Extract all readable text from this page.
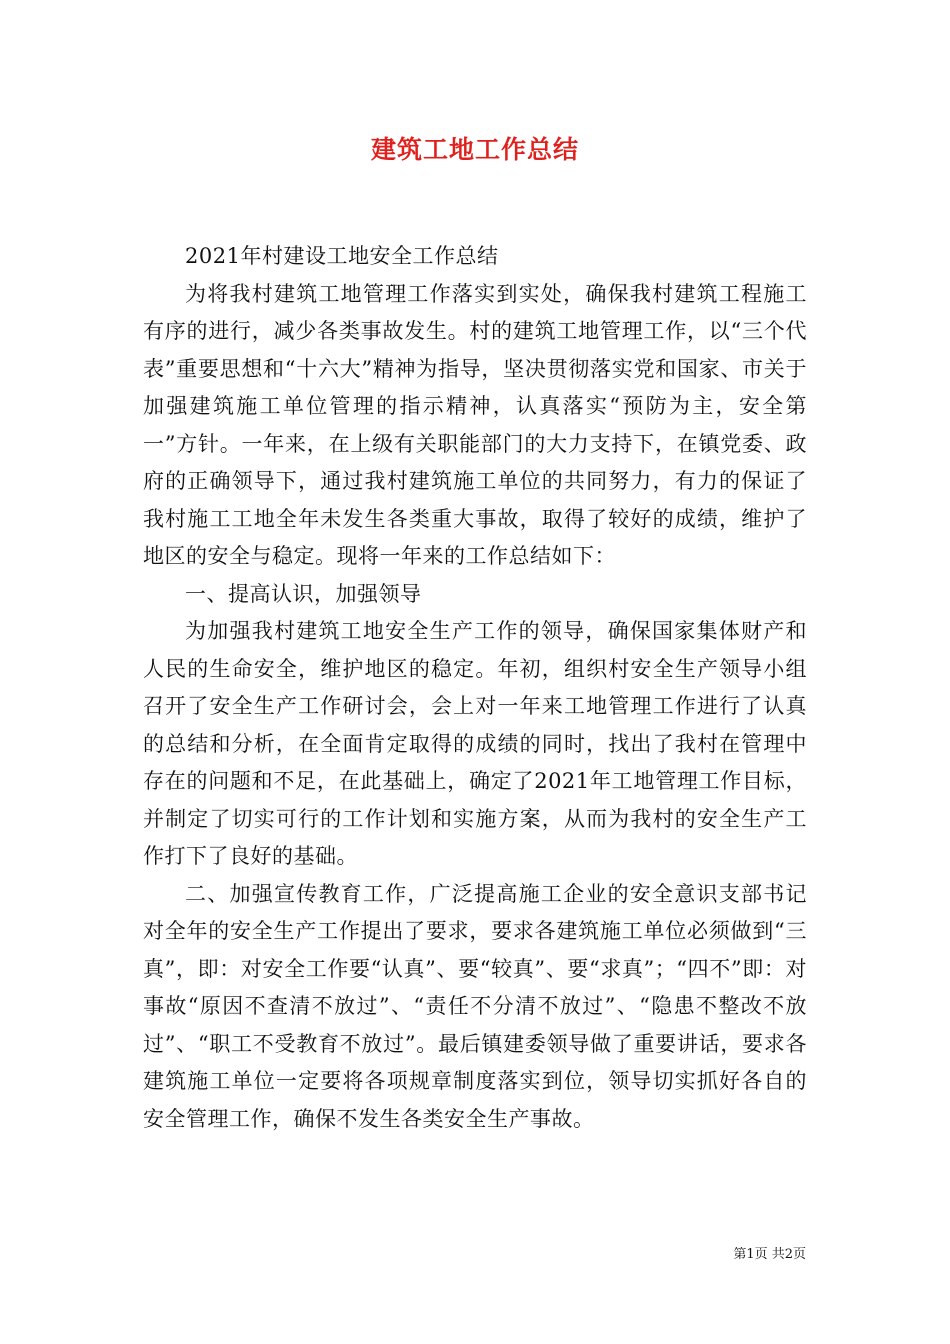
建筑工地工作总结

2021年村建设工地安全工作总结

为将我村建筑工地管理工作落实到实处，确保我村建筑工程施工有序的进行，减少各类事故发生。村的建筑工地管理工作，以“三个代表”重要思想和“十六大”精神为指导，坚决贯彻落实党和国家、市关于加强建筑施工单位管理的指示精神，认真落实“预防为主，安全第一”方针。一年来，在上级有关职能部门的大力支持下，在镇党委、政府的正确领导下，通过我村建筑施工单位的共同努力，有力的保证了我村施工工地全年未发生各类重大事故，取得了较好的成绩，维护了地区的安全与稳定。现将一年来的工作总结如下：

一、提高认识，加强领导

为加强我村建筑工地安全生产工作的领导，确保国家集体财产和人民的生命安全，维护地区的稳定。年初，组织村安全生产领导小组召开了安全生产工作研讨会，会上对一年来工地管理工作进行了认真的总结和分析，在全面肯定取得的成绩的同时，找出了我村在管理中存在的问题和不足，在此基础上，确定了2021年工地管理工作目标，并制定了切实可行的工作计划和实施方案，从而为我村的安全生产工作打下了良好的基础。

二、加强宣传教育工作，广泛提高施工企业的安全意识支部书记对全年的安全生产工作提出了要求，要求各建筑施工单位必须做到“三真”，即：对安全工作要“认真”、要“较真”、要“求真”；“四不”即：对事故“原因不查清不放过”、“责任不分清不放过”、“隐患不整改不放过”、“职工不受教育不放过”。最后镇建委领导做了重要讲话，要求各建筑施工单位一定要将各项规章制度落实到位，领导切实抓好各自的安全管理工作，确保不发生各类安全生产事故。

第1页 共2页
